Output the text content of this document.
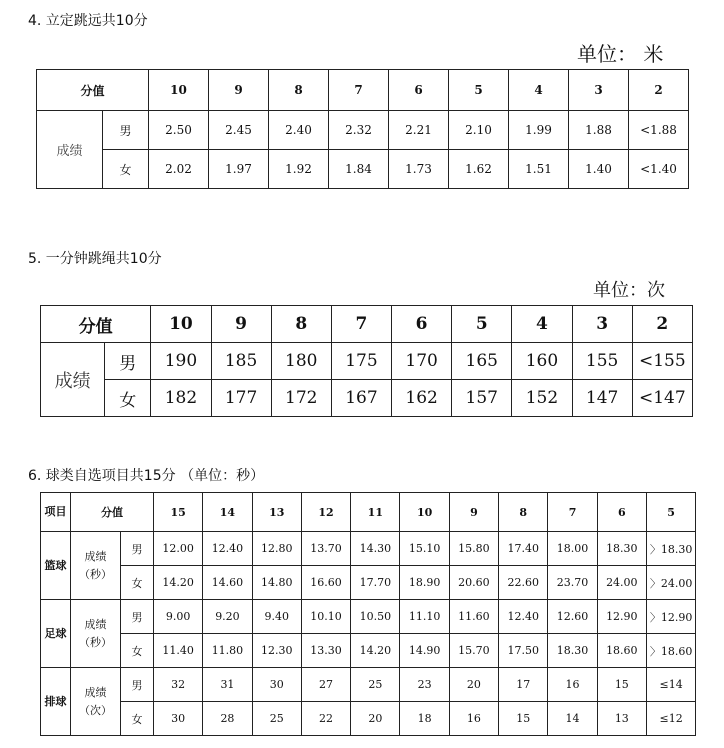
4. 立定跳远共10分
单位： 米
分值		10	9	8	7	6	5	4	3	2
成绩	男	2.50	2.45	2.40	2.32	2.21	2.10	1.99	1.88	<1.88
	女	2.02	1.97	1.92	1.84	1.73	1.62	1.51	1.40	<1.40
5. 一分钟跳绳共10分
单位：次
分值		10	9	8	7	6	5	4	3	2
成绩	男	190	185	180	175	170	165	160	155	<155
	女	182	177	172	167	162	157	152	147	<147
6. 球类自选项目共15分 （单位：秒）
项目	分值		15	14	13	12	11	10	9	8	7	6	5
篮球	成绩（秒）	男	12.00	12.40	12.80	13.70	14.30	15.10	15.80	17.40	18.00	18.30	〉18.30
		女	14.20	14.60	14.80	16.60	17.70	18.90	20.60	22.60	23.70	24.00	〉24.00
足球	成绩（秒）	男	9.00	9.20	9.40	10.10	10.50	11.10	11.60	12.40	12.60	12.90	〉12.90
		女	11.40	11.80	12.30	13.30	14.20	14.90	15.70	17.50	18.30	18.60	〉18.60
排球	成绩（次）	男	32	31	30	27	25	23	20	17	16	15	≤14
		女	30	28	25	22	20	18	16	15	14	13	≤12
